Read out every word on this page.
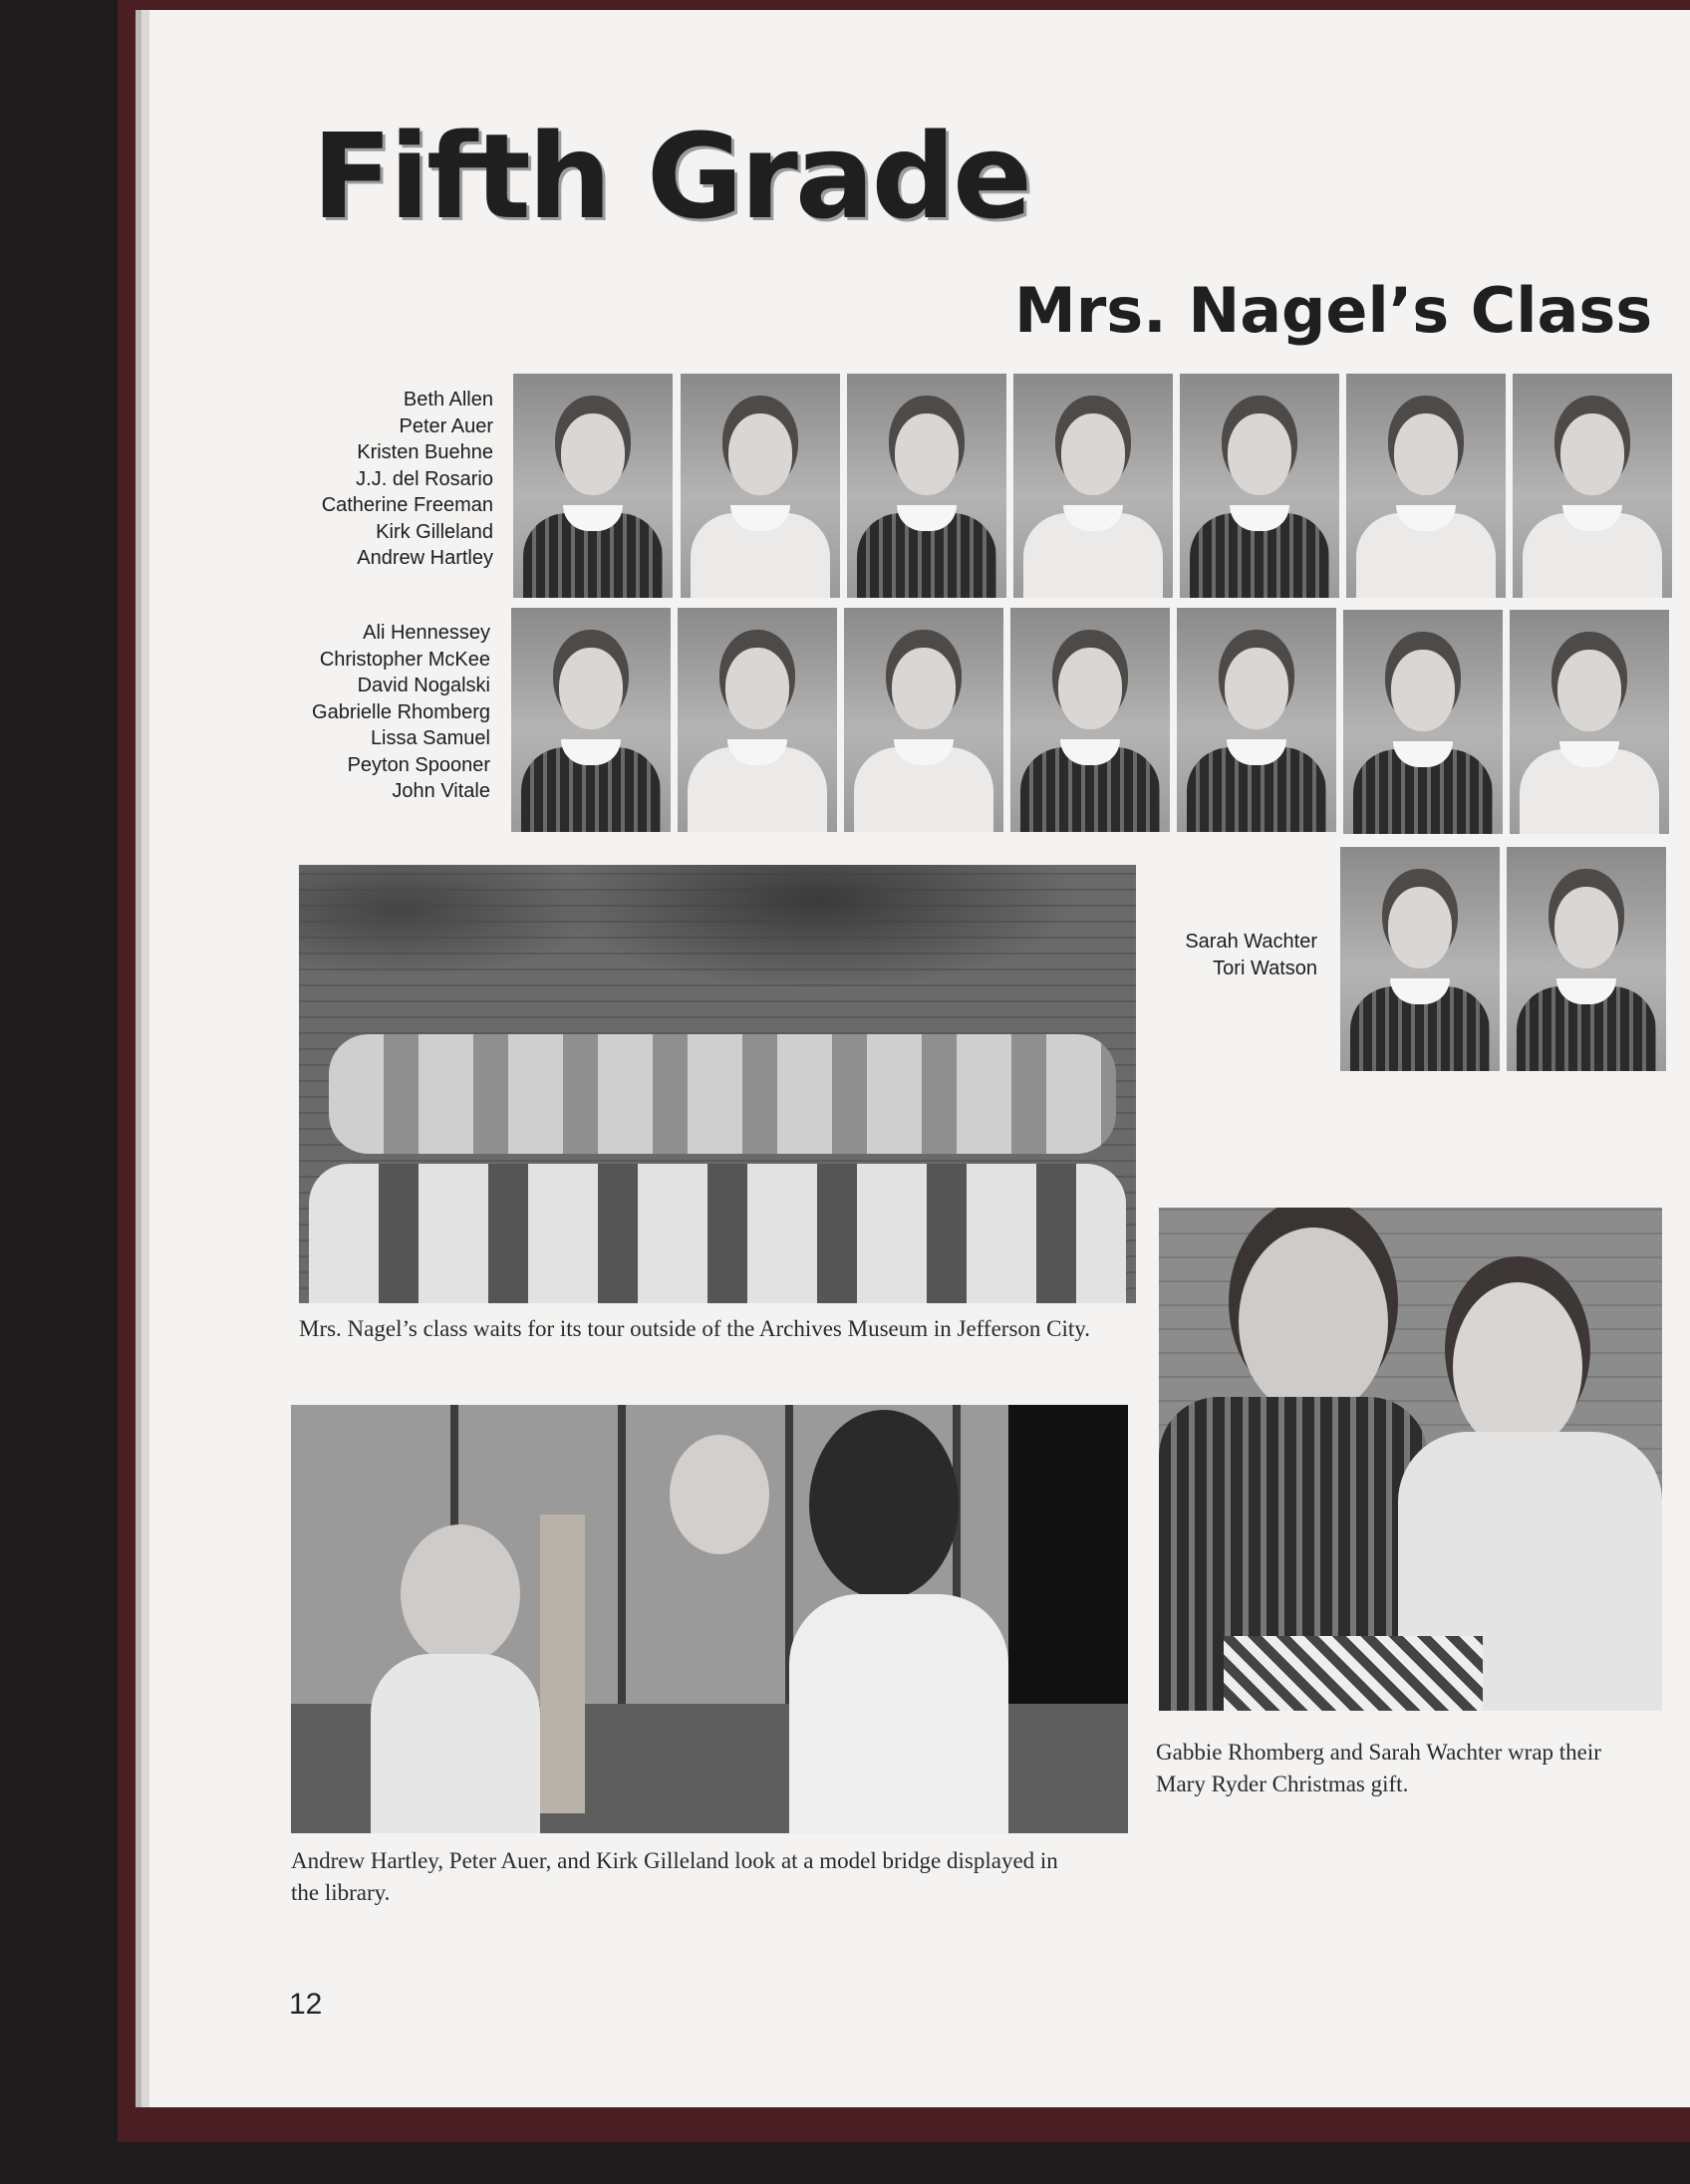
Fifth Grade
Mrs. Nagel’s Class
Beth Allen
Peter Auer
Kristen Buehne
J.J. del Rosario
Catherine Freeman
Kirk Gilleland
Andrew Hartley
Ali Hennessey
Christopher McKee
David Nogalski
Gabrielle Rhomberg
Lissa Samuel
Peyton Spooner
John Vitale
Sarah Wachter
Tori Watson

Mrs. Nagel’s class waits for its tour outside of the Archives Museum in Jefferson City.

Andrew Hartley, Peter Auer, and Kirk Gilleland look at a model bridge displayed in the library.

Gabbie Rhomberg and Sarah Wachter wrap their Mary Ryder Christmas gift.

12
